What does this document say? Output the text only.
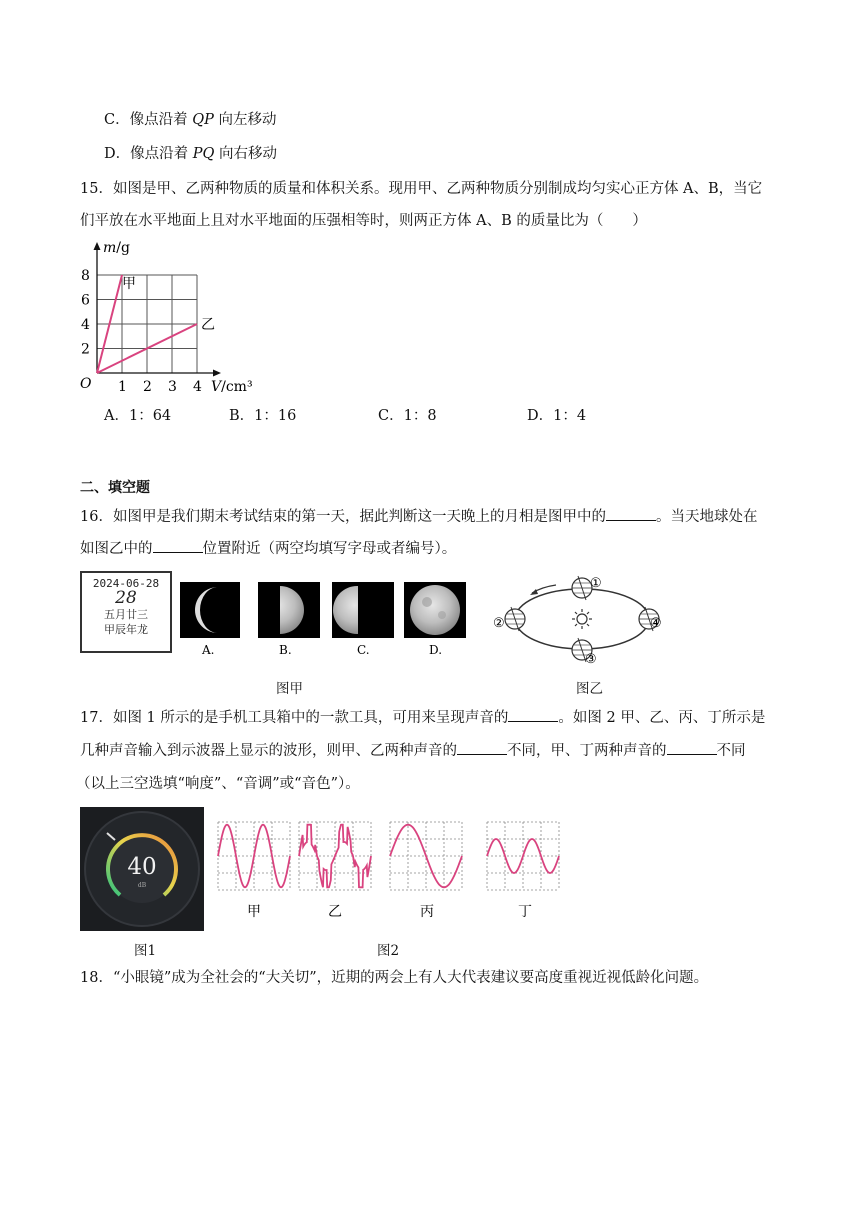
C．像点沿着 QP 向左移动
D．像点沿着 PQ 向右移动
15．如图是甲、乙两种物质的质量和体积关系。现用甲、乙两种物质分别制成均匀实心正方体 A、B，当它
们平放在水平地面上且对水平地面的压强相等时，则两正方体 A、B 的质量比为（　　）
8
6
4
2
1 2 3 4
m/g
V/cm³
O
甲
乙
A．1：64	B．1：16	C．1：8	D．1：4
二、填空题
16．如图甲是我们期末考试结束的第一天，据此判断这一天晚上的月相是图甲中的	。当天地球处在
如图乙中的	位置附近（两空均填写字母或者编号）。
2024-06-28
28
五月廿三
甲辰年龙
A.	B.	C.	D.
①
②
③
④
图甲	图乙
17．如图 1 所示的是手机工具箱中的一款工具，可用来呈现声音的	。如图 2 甲、乙、丙、丁所示是
几种声音输入到示波器上显示的波形，则甲、乙两种声音的	不同，甲、丁两种声音的	不同
（以上三空选填“响度”、“音调”或“音色”）。
40
dB
甲	乙	丙	丁
图1	图2
18．“小眼镜”成为全社会的“大关切”，近期的两会上有人大代表建议要高度重视近视低龄化问题。
